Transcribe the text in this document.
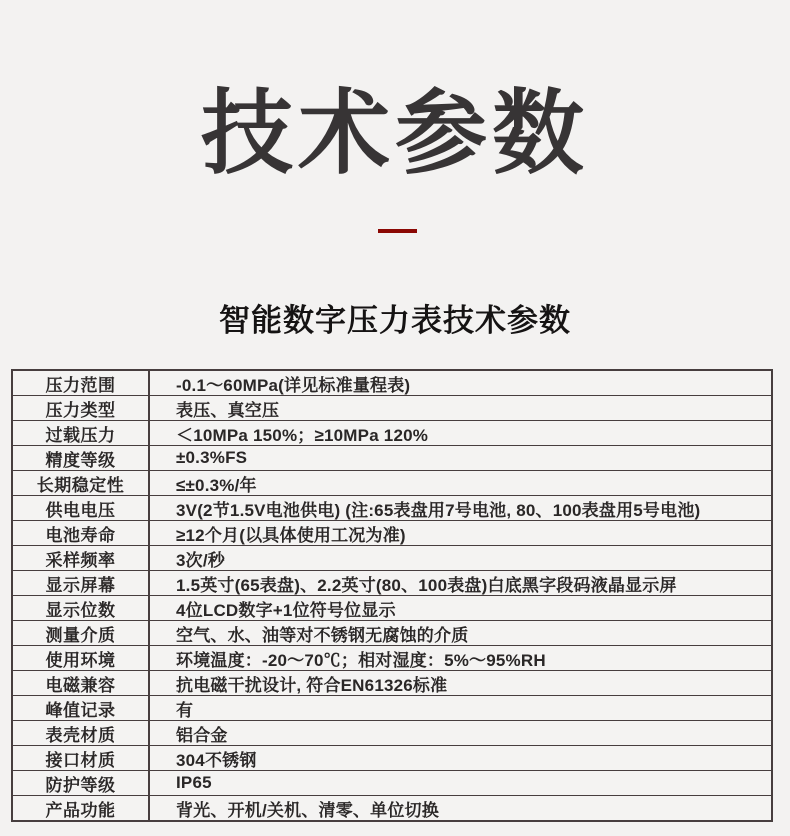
技术参数
智能数字压力表技术参数
压力范围	-0.1～60MPa(详见标准量程表)
压力类型	表压、真空压
过载压力	＜10MPa 150%；≥10MPa 120%
精度等级	±0.3%FS
长期稳定性	≤±0.3%/年
供电电压	3V(2节1.5V电池供电) (注:65表盘用7号电池, 80、100表盘用5号电池)
电池寿命	≥12个月(以具体使用工况为准)
采样频率	3次/秒
显示屏幕	1.5英寸(65表盘)、2.2英寸(80、100表盘)白底黑字段码液晶显示屏
显示位数	4位LCD数字+1位符号位显示
测量介质	空气、水、油等对不锈钢无腐蚀的介质
使用环境	环境温度：-20～70℃；相对湿度：5%～95%RH
电磁兼容	抗电磁干扰设计, 符合EN61326标准
峰值记录	有
表壳材质	铝合金
接口材质	304不锈钢
防护等级	IP65
产品功能	背光、开机/关机、清零、单位切换
